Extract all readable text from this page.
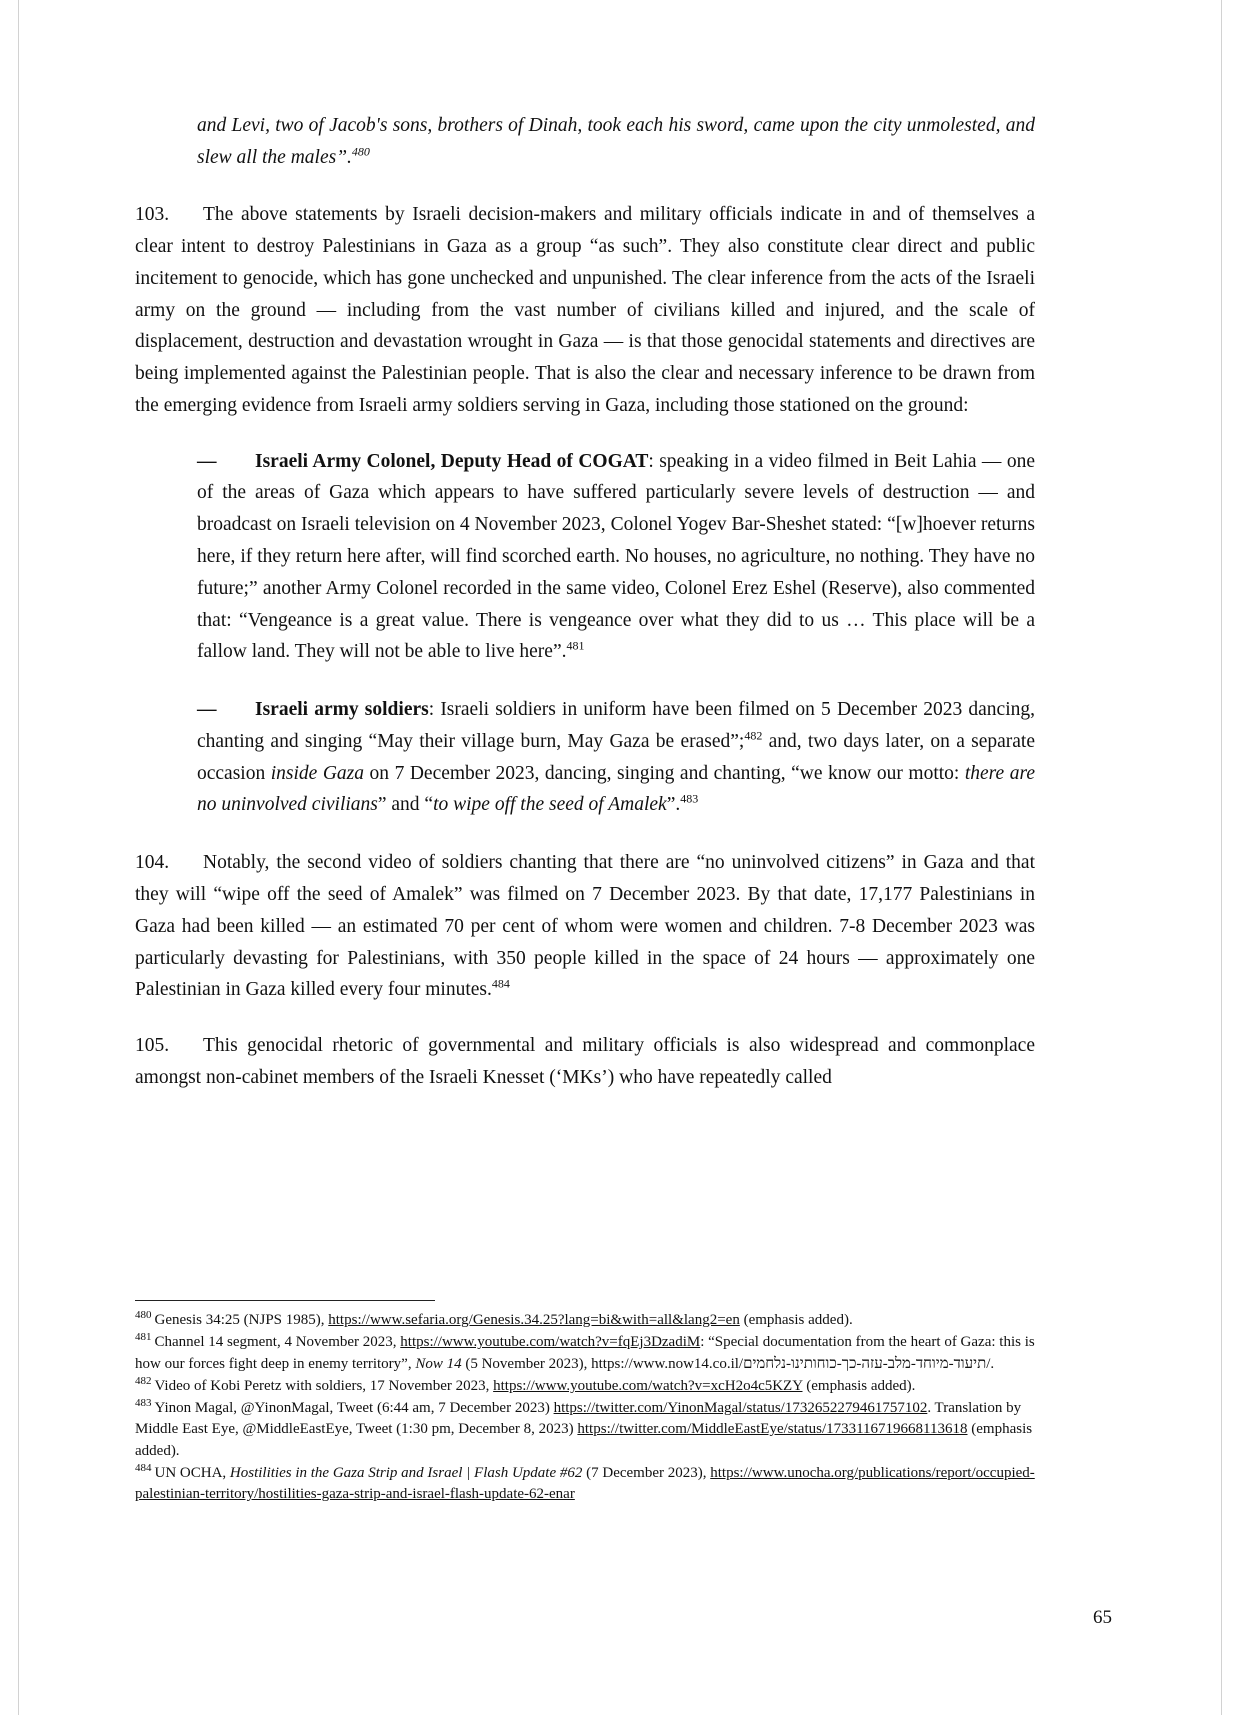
and Levi, two of Jacob's sons, brothers of Dinah, took each his sword, came upon the city unmolested, and slew all the males”.$^{480}$

103. The above statements by Israeli decision-makers and military officials indicate in and of themselves a clear intent to destroy Palestinians in Gaza as a group “as such”. They also constitute clear direct and public incitement to genocide, which has gone unchecked and unpunished. The clear inference from the acts of the Israeli army on the ground — including from the vast number of civilians killed and injured, and the scale of displacement, destruction and devastation wrought in Gaza — is that those genocidal statements and directives are being implemented against the Palestinian people. That is also the clear and necessary inference to be drawn from the emerging evidence from Israeli army soldiers serving in Gaza, including those stationed on the ground:

— Israeli Army Colonel, Deputy Head of COGAT: speaking in a video filmed in Beit Lahia — one of the areas of Gaza which appears to have suffered particularly severe levels of destruction — and broadcast on Israeli television on 4 November 2023, Colonel Yogev Bar-Sheshet stated: “[w]hoever returns here, if they return here after, will find scorched earth. No houses, no agriculture, no nothing. They have no future;” another Army Colonel recorded in the same video, Colonel Erez Eshel (Reserve), also commented that: “Vengeance is a great value. There is vengeance over what they did to us … This place will be a fallow land. They will not be able to live here”.$^{481}$
— Israeli army soldiers: Israeli soldiers in uniform have been filmed on 5 December 2023 dancing, chanting and singing “May their village burn, May Gaza be erased”;$^{482}$ and, two days later, on a separate occasion inside Gaza on 7 December 2023, dancing, singing and chanting, “we know our motto: there are no uninvolved civilians” and “to wipe off the seed of Amalek”.$^{483}$

104. Notably, the second video of soldiers chanting that there are “no uninvolved citizens” in Gaza and that they will “wipe off the seed of Amalek” was filmed on 7 December 2023. By that date, 17,177 Palestinians in Gaza had been killed — an estimated 70 per cent of whom were women and children. 7-8 December 2023 was particularly devasting for Palestinians, with 350 people killed in the space of 24 hours — approximately one Palestinian in Gaza killed every four minutes.$^{484}$

105. This genocidal rhetoric of governmental and military officials is also widespread and commonplace amongst non-cabinet members of the Israeli Knesset (‘MKs’) who have repeatedly called

$^{480}$ Genesis 34:25 (NJPS 1985), https://www.sefaria.org/Genesis.34.25?lang=bi&with=all&lang2=en (emphasis added).
$^{481}$ Channel 14 segment, 4 November 2023, https://www.youtube.com/watch?v=fqEj3DzadiM: “Special documentation from the heart of Gaza: this is how our forces fight deep in enemy territory”, Now 14 (5 November 2023), https://www.now14.co.il/תיעוד-מיוחד-מלב-עזה-כך-כוחותינו-נלחמים/.
$^{482}$ Video of Kobi Peretz with soldiers, 17 November 2023, https://www.youtube.com/watch?v=xcH2o4c5KZY (emphasis added).
$^{483}$ Yinon Magal, @YinonMagal, Tweet (6:44 am, 7 December 2023) https://twitter.com/YinonMagal/status/1732652279461757102. Translation by Middle East Eye, @MiddleEastEye, Tweet (1:30 pm, December 8, 2023) https://twitter.com/MiddleEastEye/status/1733116719668113618 (emphasis added).
$^{484}$ UN OCHA, Hostilities in the Gaza Strip and Israel | Flash Update #62 (7 December 2023), https://www.unocha.org/publications/report/occupied-palestinian-territory/hostilities-gaza-strip-and-israel-flash-update-62-enar
65
